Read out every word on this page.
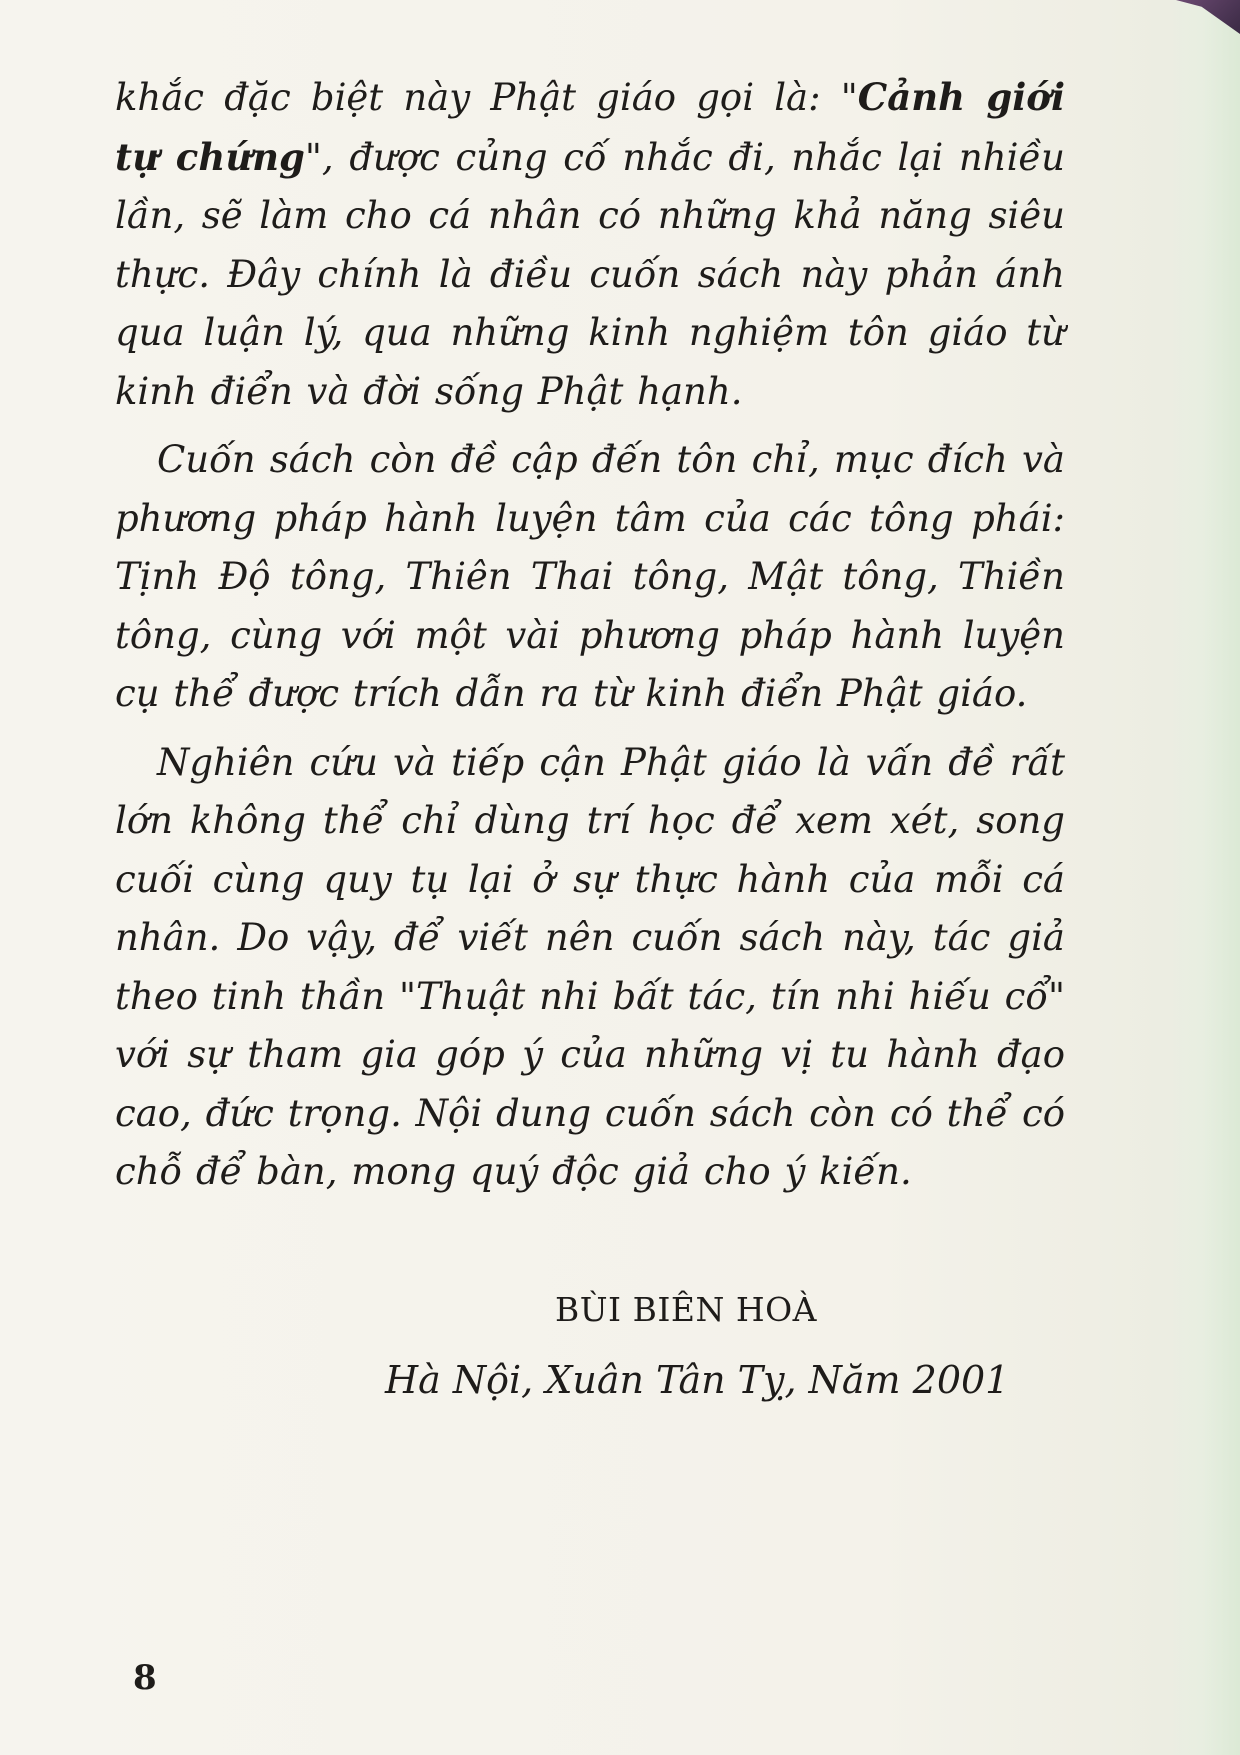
khắc đặc biệt này Phật giáo gọi là: "Cảnh giới tự chứng", được củng cố nhắc đi, nhắc lại nhiều lần, sẽ làm cho cá nhân có những khả năng siêu thực. Đây chính là điều cuốn sách này phản ánh qua luận lý, qua những kinh nghiệm tôn giáo từ kinh điển và đời sống Phật hạnh.

Cuốn sách còn đề cập đến tôn chỉ, mục đích và phương pháp hành luyện tâm của các tông phái: Tịnh Độ tông, Thiên Thai tông, Mật tông, Thiền tông, cùng với một vài phương pháp hành luyện cụ thể được trích dẫn ra từ kinh điển Phật giáo.

Nghiên cứu và tiếp cận Phật giáo là vấn đề rất lớn không thể chỉ dùng trí học để xem xét, song cuối cùng quy tụ lại ở sự thực hành của mỗi cá nhân. Do vậy, để viết nên cuốn sách này, tác giả theo tinh thần "Thuật nhi bất tác, tín nhi hiếu cổ" với sự tham gia góp ý của những vị tu hành đạo cao, đức trọng. Nội dung cuốn sách còn có thể có chỗ để bàn, mong quý độc giả cho ý kiến.

BÙI BIÊN HOÀ
Hà Nội, Xuân Tân Tỵ, Năm 2001
8
